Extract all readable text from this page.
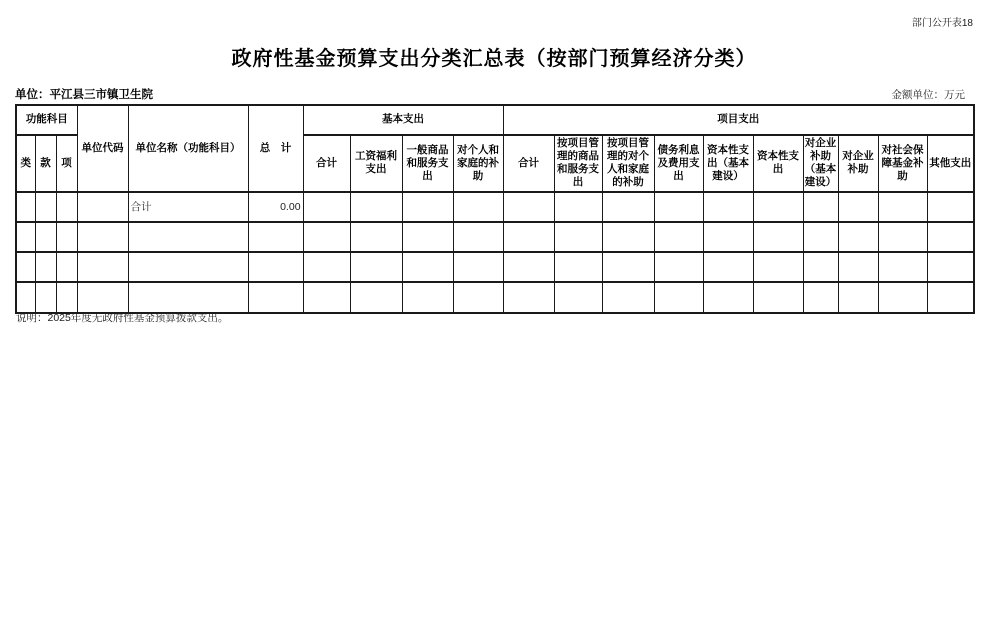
部门公开表18
政府性基金预算支出分类汇总表（按部门预算经济分类）
单位：平江县三市镇卫生院	金额单位：万元
功能科目			单位代码	单位名称（功能科目）	总　计	基本支出				项目支出									
类	款	项				合计	工资福利支出	一般商品和服务支出	对个人和家庭的补助	合计	按项目管理的商品和服务支出	按项目管理的对个人和家庭的补助	债务利息及费用支出	资本性支出（基本建设）	资本性支出	对企业补助（基本建设）	对企业补助	对社会保障基金补助	其他支出
				合计	0.00														

说明：2025年度无政府性基金预算拨款支出。
